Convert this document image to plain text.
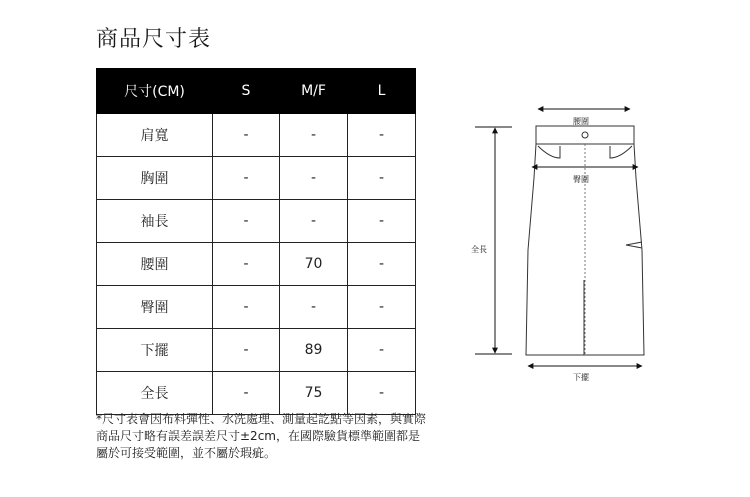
商品尺寸表
尺寸(CM)	S	M/F	L
肩寬	-	-	-
胸圍	-	-	-
袖長	-	-	-
腰圍	-	70	-
臀圍	-	-	-
下擺	-	89	-
全長	-	75	-
*尺寸表會因布料彈性、水洗處理、測量起訖點等因素，與實際
商品尺寸略有誤差誤差尺寸±2cm，在國際驗貨標準範圍都是
屬於可接受範圍，並不屬於瑕疵。
腰圍
臀圍
全長
下擺
